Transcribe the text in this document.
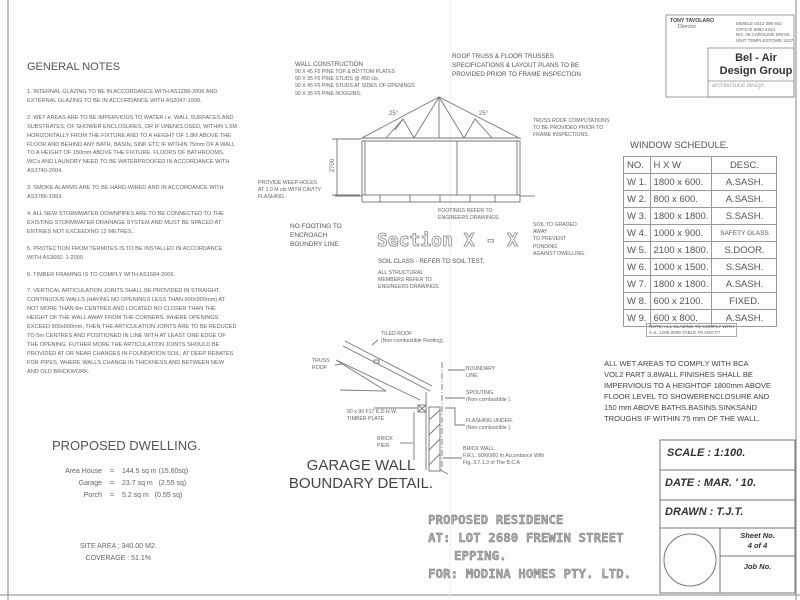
GENERAL NOTES
1. INTERNAL GLAZING TO BE IN ACCORDANCE WITH AS1288-2006 AND EXTERNAL GLAZING TO BE IN ACCORDANCE WITH AS2047-1999.
2. WET AREAS ARE TO BE IMPERVIOUS TO WATER i.e. WALL SURFACES AND SUBSTRATES; OF SHOWER ENCLOSURES, OR IF UNENCLOSED, WITHIN 1.5M HORIZONTALLY FROM THE FIXTURE AND TO A HEIGHT OF 1.8M ABOVE THE FLOOR AND BEHIND ANY BATH, BASIN, SINK ETC IF WITHIN 75mm OF A WALL TO A HEIGHT OF 150mm ABOVE THE FIXTURE. FLOORS OF BATHROOMS, WC's AND LAUNDRY NEED TO BE WATERPROOFED IN ACCORDANCE WITH AS3740-2004.
3. SMOKE ALARMS ARE TO BE HARD-WIRED AND IN ACCORDANCE WITH AS3786-1993.
4. ALL NEW STORMWATER DOWNPIPES ARE TO BE CONNECTED TO THE EXISTING STORMWATER DRAINAGE SYSTEM AND MUST BE SPACED AT ENTRIES NOT EXCEEDING 12 METRES.
5. PROTECTION FROM TERMITES IS TO BE INSTALLED IN ACCORDANCE WITH AS3660. 1-2000.
6. TIMBER FRAMING IS TO COMPLY WITH AS1684-2006.
7. VERTICAL ARTICULATION JOINTS SHALL BE PROVIDED IN STRAIGHT, CONTINUOUS WALLS (HAVING NO OPENINGS LESS THAN 900x900mm) AT NOT MORE THAN 6m CENTRES AND LOCATED NO CLOSER THAN THE HEIGHT OF THE WALL AWAY FROM THE CORNERS. WHERE OPENINGS EXCEED 900x900mm, THEN THE ARTICULATION JOINTS ARE TO BE REDUCED TO 5m CENTRES AND POSITIONED IN LINE WITH AT LEAST ONE EDGE OF THE OPENING. FUTHER MORE THE ARTICULATION JOINTS SHOULD BE PROVIDED AT OR NEAR CHANGES IN FOUNDATION SOIL, AT DEEP REBATES FOR PIPES, WHERE WALLS CHANGE IN THICKNESS AND BETWEEN NEW AND OLD BRICKWORK.
TONY TAVOLARO
Director
MOBILE 0412 398 942
OFFICE 9850 4324
NO. 36 CAROLINE DRIVE
UNIT TEMPLESTOWE 3107
Bel - Air
Design Group
architectural design
WALL CONSTRUCTION
90 X 45 F5 PINE TOP & BOTTOM PLATES
90 X 35 F5 PINE STUDS @ 450 cts.
90 X 45 F5 PINE STUDS AT SIDES OF OPENINGS
90 X 35 F5 PINE NOGGINS.
ROOF TRUSS & FLOOR TRUSSES
SPECIFICATIONS & LAYOUT PLANS TO BE
PROVIDED PRIOR TO FRAME INSPECTION
TRUSS ROOF COMPUTATIONS
TO BE PROVIDED PRIOR TO
FRAME INSPECTIONS.
25°	25°
2700
PROVIDE WEEP HOLES
AT 1.0 M cts WITH CAVITY
FLASHING.
FOOTINGS REFER TO
ENGINEERS DRAWINGS.
NO FOOTING TO
ENCROACH
BOUNDRY LINE.
SOIL TO GRADED
AWAY
TO PREVENT
PONDING
AGAINST DWELLING.
Section X - X
SOIL CLASS - REFER TO SOIL TEST.
ALL STRUCTURAL
MEMBERS REFER TO
ENGINEERS DRAWINGS.
WINDOW SCHEDULE.
NO.	H X W	DESC.
W 1.	1800 x 600.	A.SASH.
W 2.	800 x 600.	A.SASH.
W 3.	1800 x 1800.	S.SASH.
W 4.	1000 x 900.	SAFETY GLASS
W 5.	2100 x 1800.	S.DOOR.
W 6.	1000 x 1500.	S.SASH.
W 7.	1800 x 1800.	A.SASH.
W 8.	600 x 2100.	FIXED.
W 9.	600 x 800.	A.SASH.
NOTE: ALL GLAZING TO COMPLY WITH
A.S. 1288-2006 TABLE F6 AND F7
ALL WET AREAS TO COMPLY WITH BCA
VOL2 PART 3.8WALL FINISHES SHALL BE
IMPERVIOUS TO A HEIGHTOF 1800mm ABOVE
FLOOR LEVEL TO SHOWERENCLOSURE AND
150 mm ABOVE BATHS.BASINS.SINKSAND
TROUGHS IF WITHIN 75 mm OF THE WALL.
TILED ROOF
(Non-combustible Roofing).
TRUSS
ROOF
90 x 90 F17 K.D.H.W.
TIMBER PLATE
BRICK
PIER.
BOUNDARY
LINE.
SPOUTING.
(Non-combustible ).
FLASHING UNDER.
(Non-combustible ).
BRICK WALL.
F.R.L. 60/60/60 In Accordance With
Fig. 3.7.1.3 of The B.C.A
GARAGE WALL
BOUNDARY DETAIL.
PROPOSED DWELLING.
Area House	=	144.5 sq m (15.60sq)
Garage	=	23.7 sq m   (2.55 sq)
Porch	=	5.2 sq m   (0.55 sq)
SITE AREA ; 340.00 M2.
COVERAGE : 51.1%
PROPOSED RESIDENCE
AT: LOT 2680 FREWIN STREET
EPPING.
FOR: MODINA HOMES PTY. LTD.
SCALE : 1:100.
DATE : MAR. ' 10.
DRAWN : T.J.T.
Sheet No.
4 of 4
Job No.
